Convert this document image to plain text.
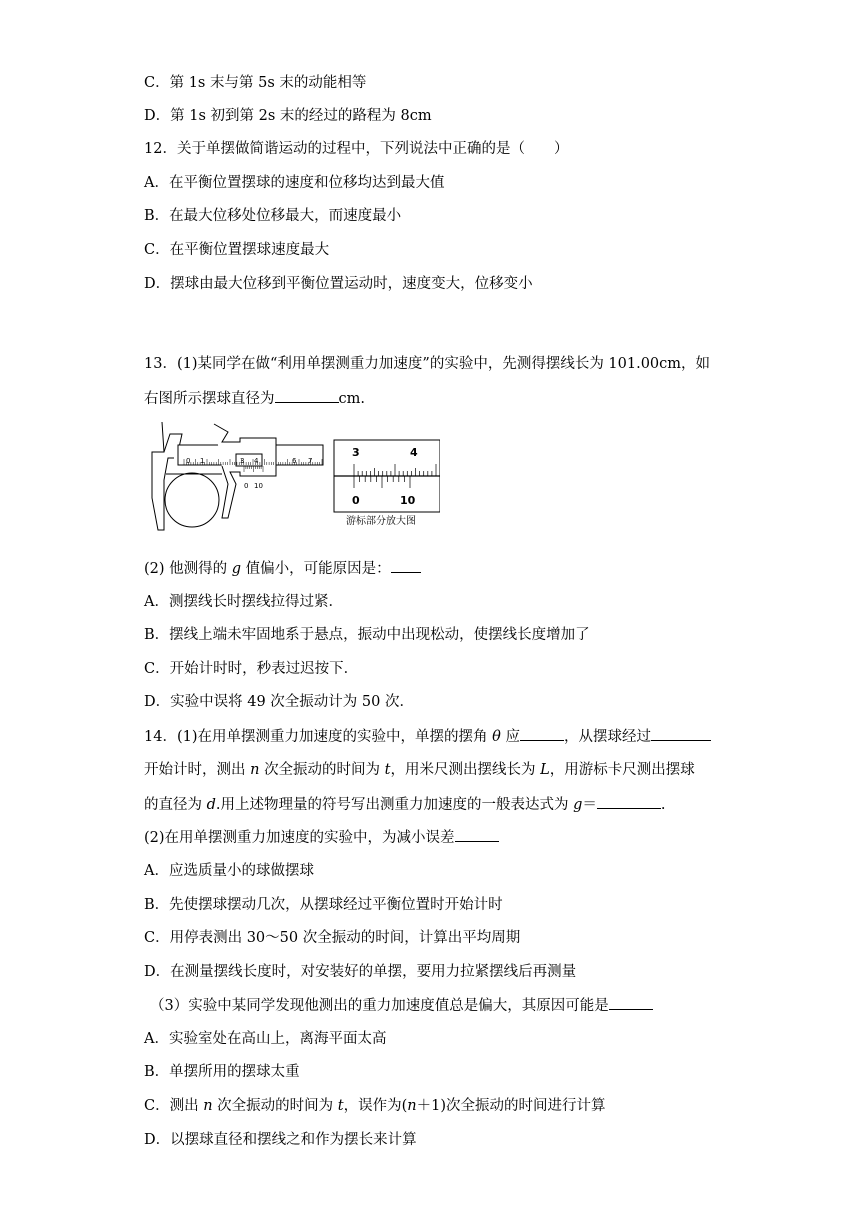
C．第 1s 末与第 5s 末的动能相等
D．第 1s 初到第 2s 末的经过的路程为 8cm
12．关于单摆做简谐运动的过程中，下列说法中正确的是（　　）
A．在平衡位置摆球的速度和位移均达到最大值
B．在最大位移处位移最大，而速度最小
C．在平衡位置摆球速度最大
D．摆球由最大位移到平衡位置运动时，速度变大，位移变小
13．(1)某同学在做“利用单摆测重力加速度”的实验中，先测得摆线长为 101.00cm，如
右图所示摆球直径为	cm.
0 1	3 4	6 7
0 10
3	4
0	10
游标部分放大图
(2) 他测得的 g 值偏小，可能原因是：
A．测摆线长时摆线拉得过紧．
B．摆线上端未牢固地系于悬点，振动中出现松动，使摆线长度增加了
C．开始计时时，秒表过迟按下．
D．实验中误将 49 次全振动计为 50 次．
14．(1)在用单摆测重力加速度的实验中，单摆的摆角 θ 应	，从摆球经过
开始计时，测出 n 次全振动的时间为 t，用米尺测出摆线长为 L，用游标卡尺测出摆球
的直径为 d.用上述物理量的符号写出测重力加速度的一般表达式为 g＝	.
(2)在用单摆测重力加速度的实验中，为减小误差
A．应选质量小的球做摆球
B．先使摆球摆动几次，从摆球经过平衡位置时开始计时
C．用停表测出 30～50 次全振动的时间，计算出平均周期
D．在测量摆线长度时，对安装好的单摆，要用力拉紧摆线后再测量
（3）实验中某同学发现他测出的重力加速度值总是偏大，其原因可能是
A．实验室处在高山上，离海平面太高
B．单摆所用的摆球太重
C．测出 n 次全振动的时间为 t，误作为(n＋1)次全振动的时间进行计算
D．以摆球直径和摆线之和作为摆长来计算
